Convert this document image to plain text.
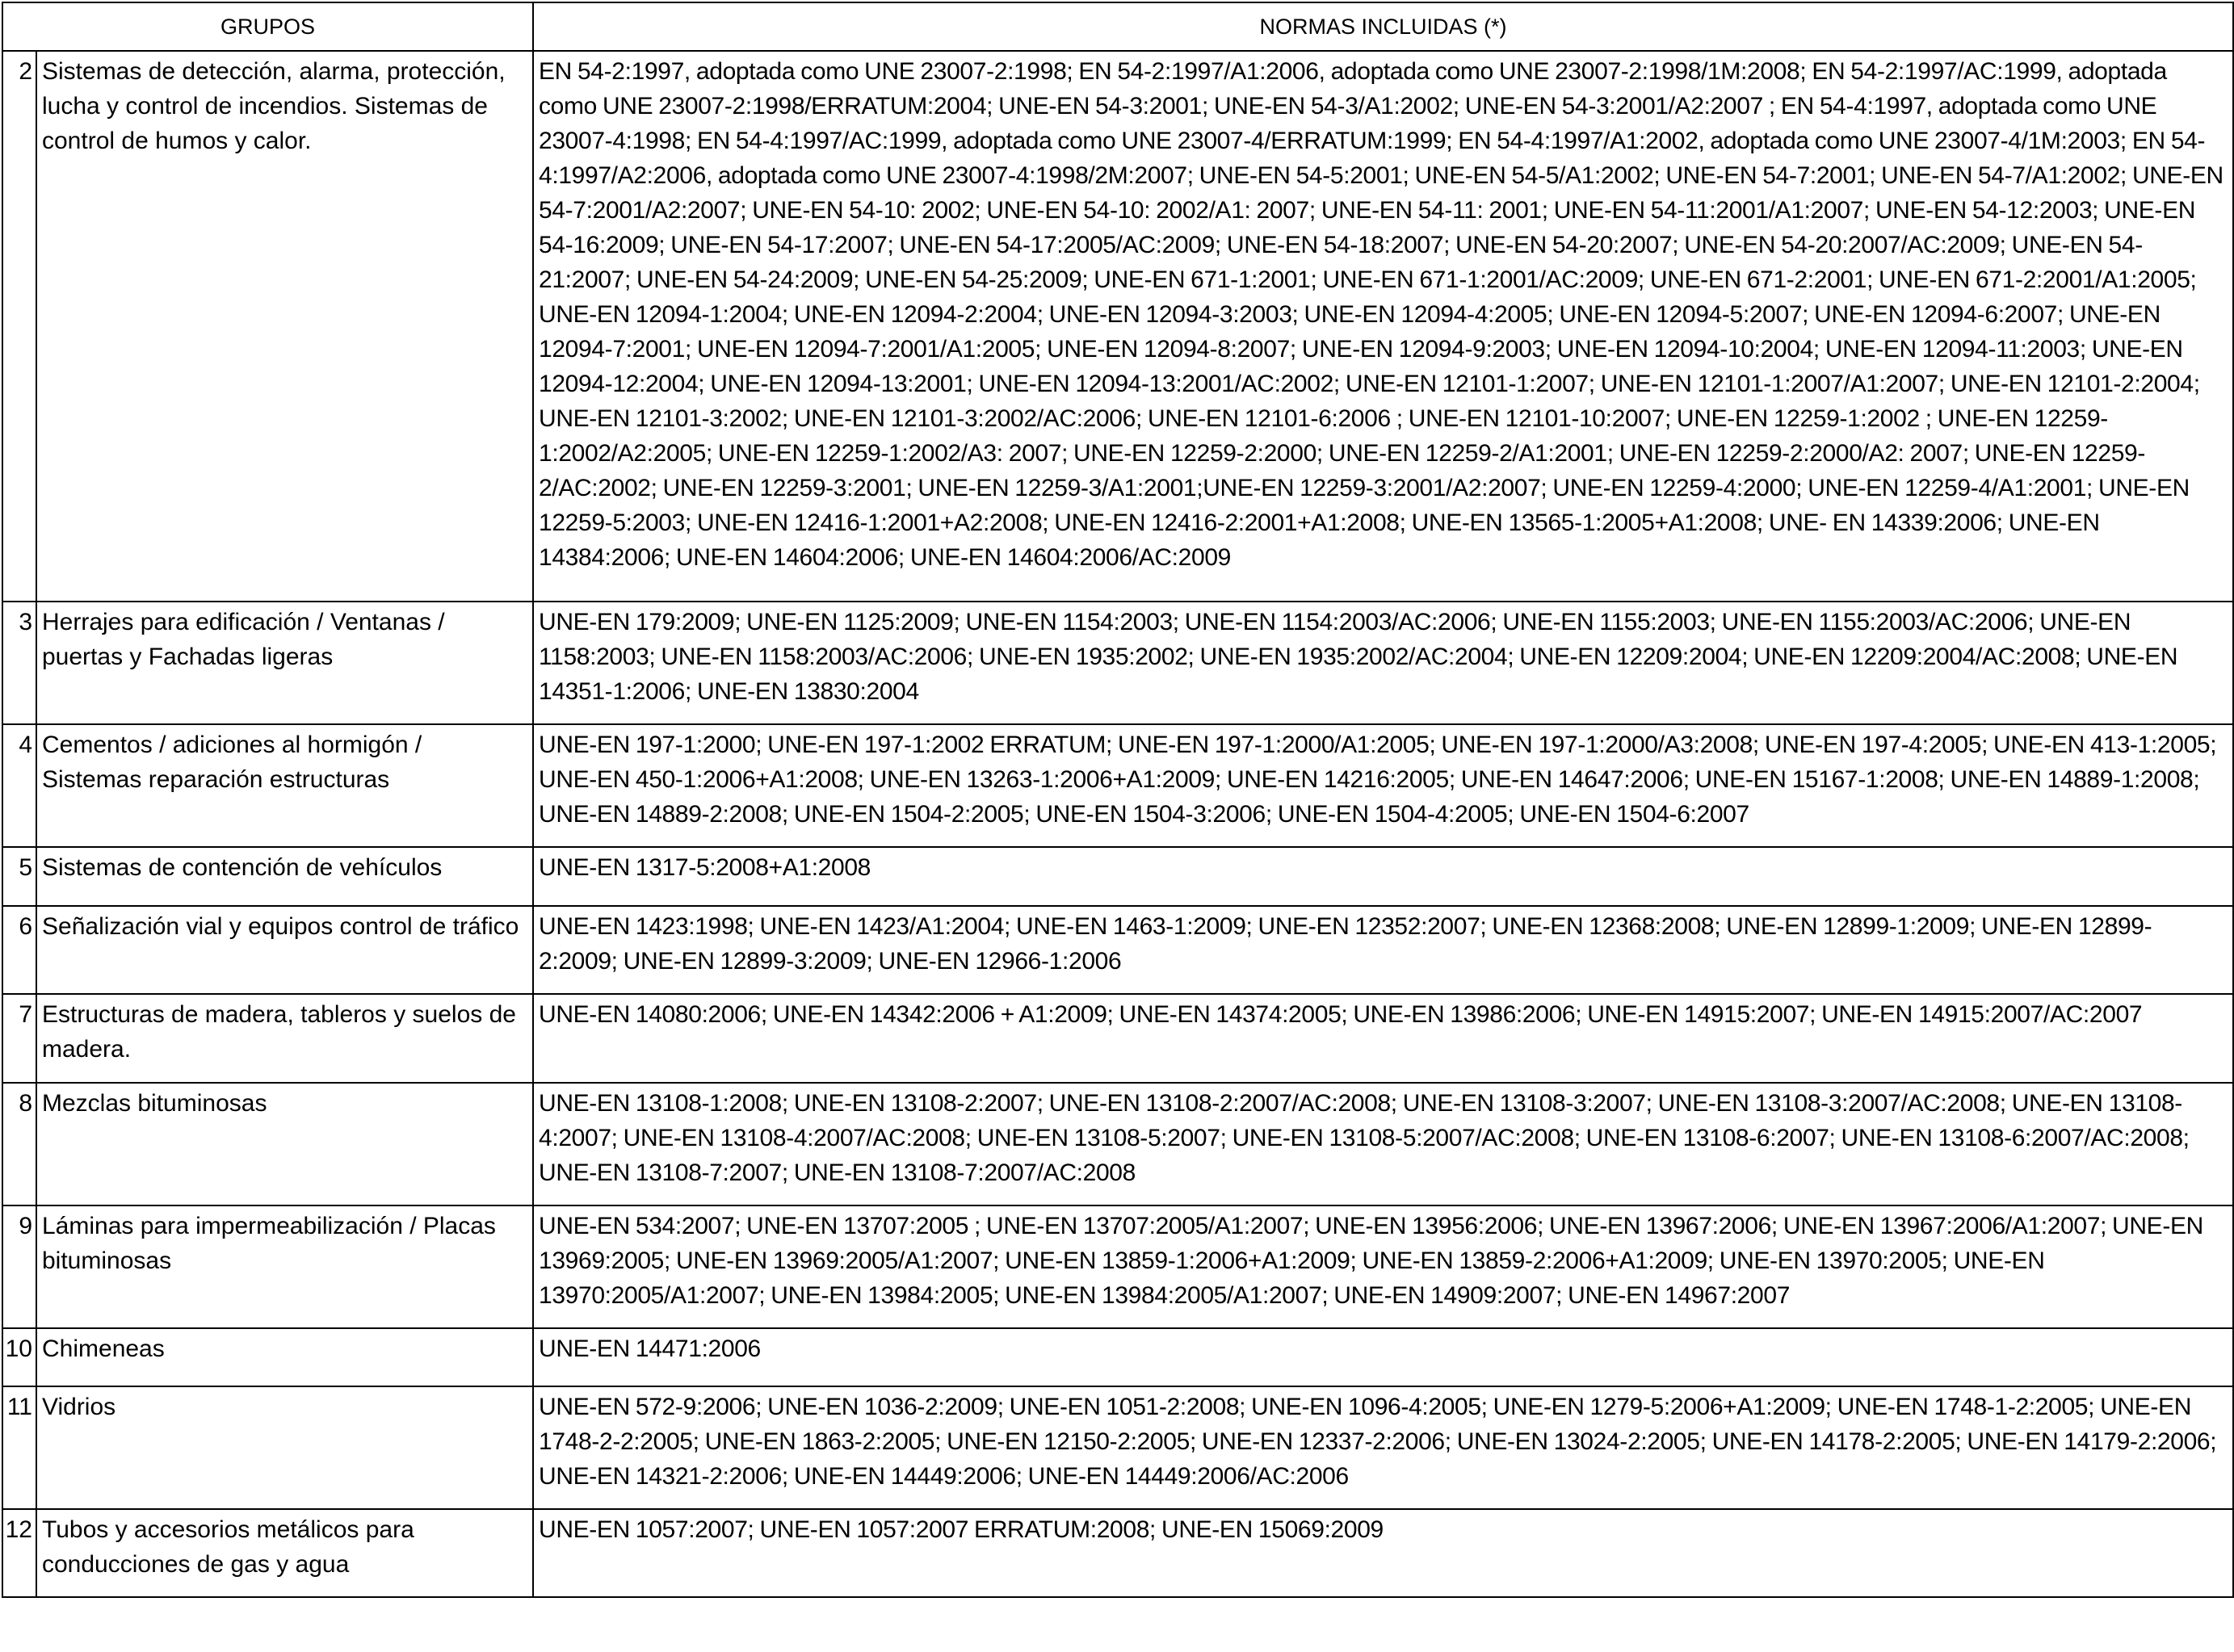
GRUPOS		NORMAS INCLUIDAS (*)
2	Sistemas de detección, alarma, protección, lucha y control de incendios. Sistemas de control de humos y calor.	EN 54-2:1997, adoptada como UNE 23007-2:1998; EN 54-2:1997/A1:2006, adoptada como UNE 23007-2:1998/1M:2008; EN 54-2:1997/AC:1999, adoptada como UNE 23007-2:1998/ERRATUM:2004; UNE-EN 54-3:2001; UNE-EN 54-3/A1:2002; UNE-EN 54-3:2001/A2:2007 ; EN 54-4:1997, adoptada como UNE 23007-4:1998; EN 54-4:1997/AC:1999, adoptada como UNE 23007-4/ERRATUM:1999; EN 54-4:1997/A1:2002, adoptada como UNE 23007-4/1M:2003; EN 54-4:1997/A2:2006, adoptada como UNE 23007-4:1998/2M:2007; UNE-EN 54-5:2001; UNE-EN 54-5/A1:2002; UNE-EN 54-7:2001; UNE-EN 54-7/A1:2002; UNE-EN 54-7:2001/A2:2007; UNE-EN 54-10: 2002; UNE-EN 54-10: 2002/A1: 2007; UNE-EN 54-11: 2001; UNE-EN 54-11:2001/A1:2007; UNE-EN 54-12:2003; UNE-EN 54-16:2009; UNE-EN 54-17:2007; UNE-EN 54-17:2005/AC:2009; UNE-EN 54-18:2007; UNE-EN 54-20:2007; UNE-EN 54-20:2007/AC:2009; UNE-EN 54-21:2007; UNE-EN 54-24:2009; UNE-EN 54-25:2009; UNE-EN 671-1:2001; UNE-EN 671-1:2001/AC:2009; UNE-EN 671-2:2001; UNE-EN 671-2:2001/A1:2005; UNE-EN 12094-1:2004; UNE-EN 12094-2:2004; UNE-EN 12094-3:2003; UNE-EN 12094-4:2005; UNE-EN 12094-5:2007; UNE-EN 12094-6:2007; UNE-EN 12094-7:2001; UNE-EN 12094-7:2001/A1:2005; UNE-EN 12094-8:2007; UNE-EN 12094-9:2003; UNE-EN 12094-10:2004; UNE-EN 12094-11:2003; UNE-EN 12094-12:2004; UNE-EN 12094-13:2001; UNE-EN 12094-13:2001/AC:2002; UNE-EN 12101-1:2007; UNE-EN 12101-1:2007/A1:2007; UNE-EN 12101-2:2004; UNE-EN 12101-3:2002; UNE-EN 12101-3:2002/AC:2006; UNE-EN 12101-6:2006 ; UNE-EN 12101-10:2007; UNE-EN 12259-1:2002 ; UNE-EN 12259-1:2002/A2:2005; UNE-EN 12259-1:2002/A3: 2007; UNE-EN 12259-2:2000; UNE-EN 12259-2/A1:2001; UNE-EN 12259-2:2000/A2: 2007; UNE-EN 12259-2/AC:2002; UNE-EN 12259-3:2001; UNE-EN 12259-3/A1:2001;UNE-EN 12259-3:2001/A2:2007; UNE-EN 12259-4:2000; UNE-EN 12259-4/A1:2001; UNE-EN 12259-5:2003; UNE-EN 12416-1:2001+A2:2008; UNE-EN 12416-2:2001+A1:2008; UNE-EN 13565-1:2005+A1:2008; UNE- EN 14339:2006; UNE-EN 14384:2006; UNE-EN 14604:2006; UNE-EN 14604:2006/AC:2009
3	Herrajes para edificación / Ventanas / puertas y Fachadas ligeras	UNE-EN 179:2009; UNE-EN 1125:2009; UNE-EN 1154:2003; UNE-EN 1154:2003/AC:2006; UNE-EN 1155:2003; UNE-EN 1155:2003/AC:2006; UNE-EN 1158:2003; UNE-EN 1158:2003/AC:2006; UNE-EN 1935:2002; UNE-EN 1935:2002/AC:2004; UNE-EN 12209:2004; UNE-EN 12209:2004/AC:2008; UNE-EN 14351-1:2006; UNE-EN 13830:2004
4	Cementos / adiciones al hormigón / Sistemas reparación estructuras	UNE-EN 197-1:2000; UNE-EN 197-1:2002 ERRATUM; UNE-EN 197-1:2000/A1:2005; UNE-EN 197-1:2000/A3:2008; UNE-EN 197-4:2005; UNE-EN 413-1:2005; UNE-EN 450-1:2006+A1:2008; UNE-EN 13263-1:2006+A1:2009; UNE-EN 14216:2005; UNE-EN 14647:2006; UNE-EN 15167-1:2008; UNE-EN 14889-1:2008; UNE-EN 14889-2:2008; UNE-EN 1504-2:2005; UNE-EN 1504-3:2006; UNE-EN 1504-4:2005; UNE-EN 1504-6:2007
5	Sistemas de contención de vehículos	UNE-EN 1317-5:2008+A1:2008
6	Señalización vial y equipos control de tráfico	UNE-EN 1423:1998; UNE-EN 1423/A1:2004; UNE-EN 1463-1:2009; UNE-EN 12352:2007; UNE-EN 12368:2008; UNE-EN 12899-1:2009; UNE-EN 12899-2:2009; UNE-EN 12899-3:2009; UNE-EN 12966-1:2006
7	Estructuras de madera, tableros y suelos de madera.	UNE-EN 14080:2006; UNE-EN 14342:2006 + A1:2009; UNE-EN 14374:2005; UNE-EN 13986:2006; UNE-EN 14915:2007; UNE-EN 14915:2007/AC:2007
8	Mezclas bituminosas	UNE-EN 13108-1:2008; UNE-EN 13108-2:2007; UNE-EN 13108-2:2007/AC:2008; UNE-EN 13108-3:2007; UNE-EN 13108-3:2007/AC:2008; UNE-EN 13108-4:2007; UNE-EN 13108-4:2007/AC:2008; UNE-EN 13108-5:2007; UNE-EN 13108-5:2007/AC:2008; UNE-EN 13108-6:2007; UNE-EN 13108-6:2007/AC:2008; UNE-EN 13108-7:2007; UNE-EN 13108-7:2007/AC:2008
9	Láminas para impermeabilización / Placas bituminosas	UNE-EN 534:2007; UNE-EN 13707:2005 ; UNE-EN 13707:2005/A1:2007; UNE-EN 13956:2006; UNE-EN 13967:2006; UNE-EN 13967:2006/A1:2007; UNE-EN 13969:2005; UNE-EN 13969:2005/A1:2007; UNE-EN 13859-1:2006+A1:2009; UNE-EN 13859-2:2006+A1:2009; UNE-EN 13970:2005; UNE-EN 13970:2005/A1:2007; UNE-EN 13984:2005; UNE-EN 13984:2005/A1:2007; UNE-EN 14909:2007; UNE-EN 14967:2007
10	Chimeneas	UNE-EN 14471:2006
11	Vidrios	UNE-EN 572-9:2006; UNE-EN 1036-2:2009; UNE-EN 1051-2:2008; UNE-EN 1096-4:2005; UNE-EN 1279-5:2006+A1:2009; UNE-EN 1748-1-2:2005; UNE-EN 1748-2-2:2005; UNE-EN 1863-2:2005; UNE-EN 12150-2:2005; UNE-EN 12337-2:2006; UNE-EN 13024-2:2005; UNE-EN 14178-2:2005; UNE-EN 14179-2:2006; UNE-EN 14321-2:2006; UNE-EN 14449:2006; UNE-EN 14449:2006/AC:2006
12	Tubos y accesorios metálicos para conducciones de gas y agua	UNE-EN 1057:2007; UNE-EN 1057:2007 ERRATUM:2008; UNE-EN 15069:2009
